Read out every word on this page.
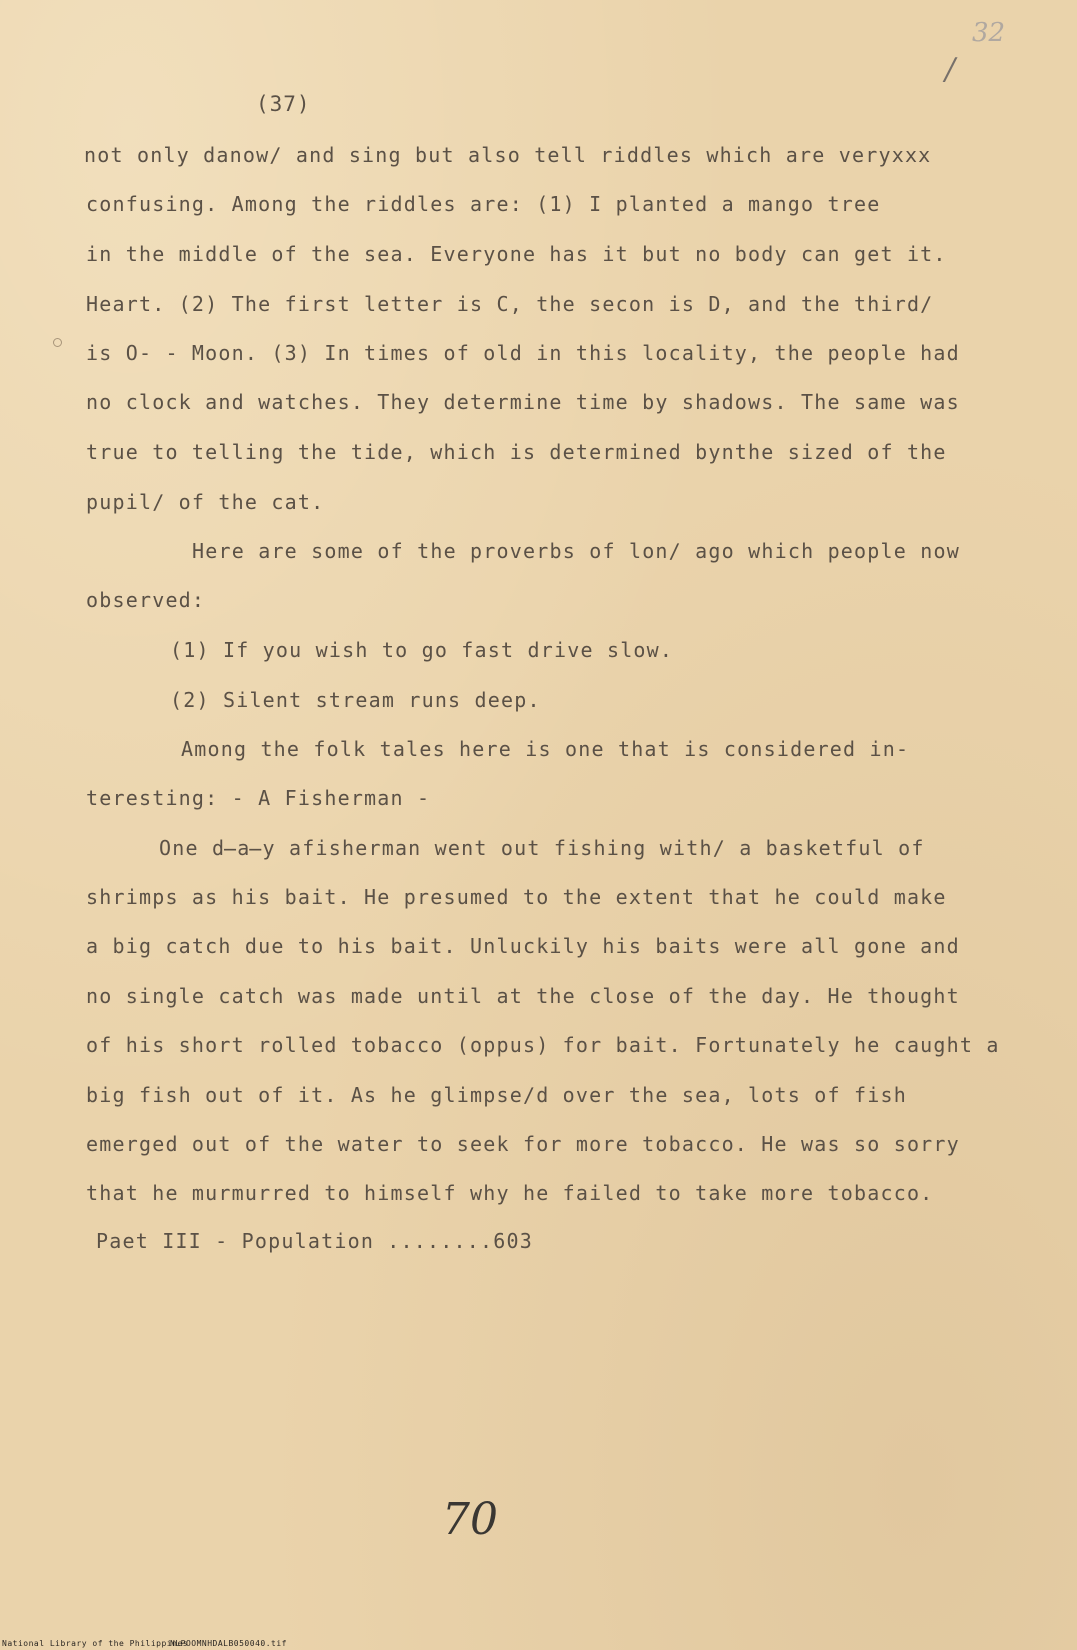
32
/
(37)
not only danow∕ and sing but also tell riddles which are veryxxx
confusing. Among the riddles are: (1) I planted a mango tree
in the middle of the sea. Everyone has it but no body can get it.
Heart. (2) The first letter is C, the secon is D, and the third∕
is O- - Moon. (3) In times of old in this locality, the people had
no clock and watches. They determine time by shadows. The same was
true to telling the tide, which is determined bynthe sized of the
pupil∕ of the cat.
Here are some of the proverbs of lon∕ ago which people now
observed:
(1) If you wish to go fast drive slow.
(2) Silent stream runs deep.
Among the folk tales here is one that is considered in-
teresting: - A Fisherman -
One d̶a̶y afisherman went out fishing with∕ a basketful of
shrimps as his bait. He presumed to the extent that he could make
a big catch due to his bait. Unluckily his baits were all gone and
no single catch was made until at the close of the day. He thought
of his short rolled tobacco (oppus) for bait. Fortunately he caught a
big fish out of it. As he glimpse∕d over the sea, lots of fish
emerged out of the water to seek for more tobacco. He was so sorry
that he murmurred to himself why he failed to take more tobacco.
Paet III - Population ........603
70
National Library of the Philippines
NLPOOMNHDALB050040.tif
